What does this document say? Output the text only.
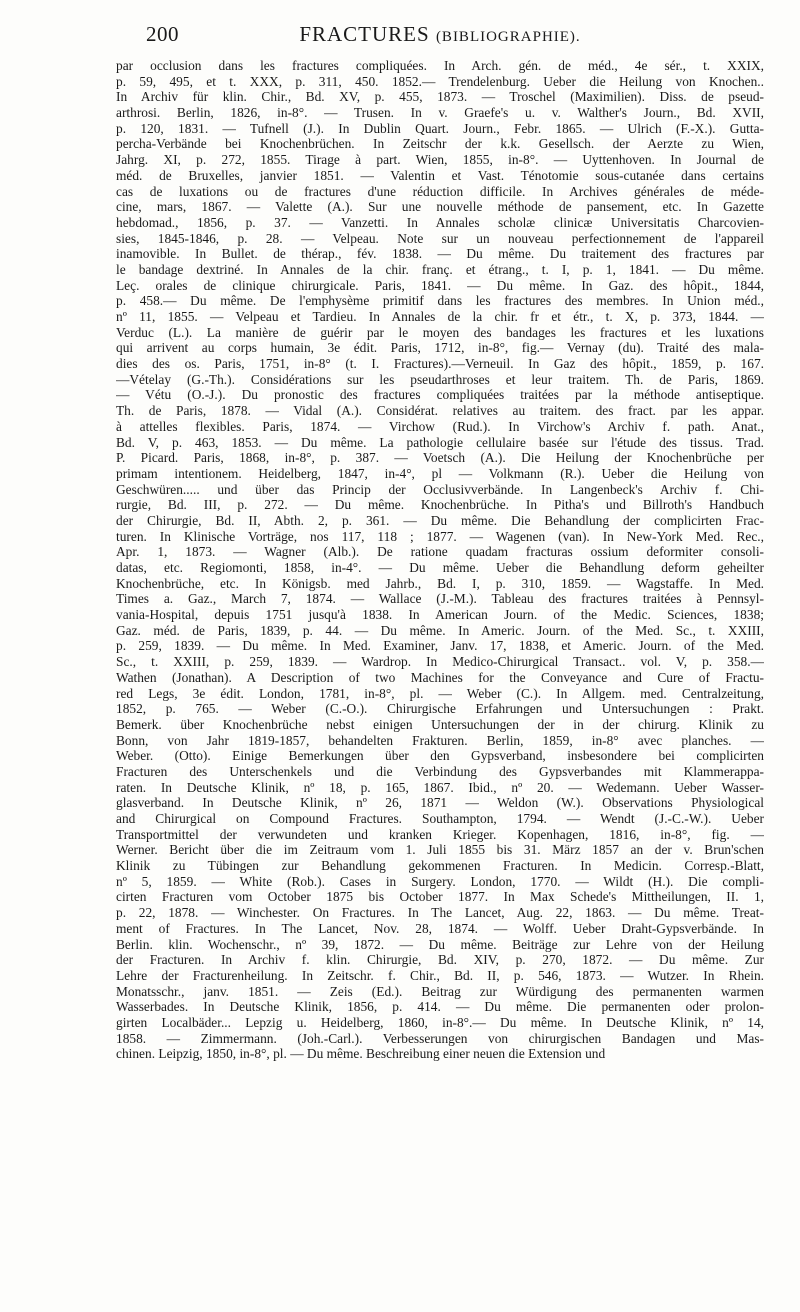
200	FRACTURES (BIBLIOGRAPHIE).
par occlusion dans les fractures compliquées. In Arch. gén. de méd., 4e sér., t. XXIX,
p. 59, 495, et t. XXX, p. 311, 450. 1852.— Trendelenburg. Ueber die Heilung von Knochen..
In Archiv für klin. Chir., Bd. XV, p. 455, 1873. — Troschel (Maximilien). Diss. de pseud-
arthrosi. Berlin, 1826, in-8°. — Trusen. In v. Graefe's u. v. Walther's Journ., Bd. XVII,
p. 120, 1831. — Tufnell (J.). In Dublin Quart. Journ., Febr. 1865. — Ulrich (F.-X.). Gutta-
percha-Verbände bei Knochenbrüchen. In Zeitschr der k.k. Gesellsch. der Aerzte zu Wien,
Jahrg. XI, p. 272, 1855. Tirage à part. Wien, 1855, in-8°. — Uyttenhoven. In Journal de
méd. de Bruxelles, janvier 1851. — Valentin et Vast. Ténotomie sous-cutanée dans certains
cas de luxations ou de fractures d'une réduction difficile. In Archives générales de méde-
cine, mars, 1867. — Valette (A.). Sur une nouvelle méthode de pansement, etc. In Gazette
hebdomad., 1856, p. 37. — Vanzetti. In Annales scholæ clinicæ Universitatis Charcovien-
sies, 1845-1846, p. 28. — Velpeau. Note sur un nouveau perfectionnement de l'appareil
inamovible. In Bullet. de thérap., fév. 1838. — Du même. Du traitement des fractures par
le bandage dextriné. In Annales de la chir. franç. et étrang., t. I, p. 1, 1841. — Du même.
Leç. orales de clinique chirurgicale. Paris, 1841. — Du même. In Gaz. des hôpit., 1844,
p. 458.— Du même. De l'emphysème primitif dans les fractures des membres. In Union méd.,
nº 11, 1855. — Velpeau et Tardieu. In Annales de la chir. fr et étr., t. X, p. 373, 1844. —
Verduc (L.). La manière de guérir par le moyen des bandages les fractures et les luxations
qui arrivent au corps humain, 3e édit. Paris, 1712, in-8°, fig.— Vernay (du). Traité des mala-
dies des os. Paris, 1751, in-8° (t. I. Fractures).—Verneuil. In Gaz des hôpit., 1859, p. 167.
—Vételay (G.-Th.). Considérations sur les pseudarthroses et leur traitem. Th. de Paris, 1869.
— Vétu (O.-J.). Du pronostic des fractures compliquées traitées par la méthode antiseptique.
Th. de Paris, 1878. — Vidal (A.). Considérat. relatives au traitem. des fract. par les appar.
à attelles flexibles. Paris, 1874. — Virchow (Rud.). In Virchow's Archiv f. path. Anat.,
Bd. V, p. 463, 1853. — Du même. La pathologie cellulaire basée sur l'étude des tissus. Trad.
P. Picard. Paris, 1868, in-8°, p. 387. — Voetsch (A.). Die Heilung der Knochenbrüche per
primam intentionem. Heidelberg, 1847, in-4°, pl — Volkmann (R.). Ueber die Heilung von
Geschwüren..... und über das Princip der Occlusivverbände. In Langenbeck's Archiv f. Chi-
rurgie, Bd. III, p. 272. — Du même. Knochenbrüche. In Pitha's und Billroth's Handbuch
der Chirurgie, Bd. II, Abth. 2, p. 361. — Du même. Die Behandlung der complicirten Frac-
turen. In Klinische Vorträge, nos 117, 118 ; 1877. — Wagenen (van). In New-York Med. Rec.,
Apr. 1, 1873. — Wagner (Alb.). De ratione quadam fracturas ossium deformiter consoli-
datas, etc. Regiomonti, 1858, in-4°. — Du même. Ueber die Behandlung deform geheilter
Knochenbrüche, etc. In Königsb. med Jahrb., Bd. I, p. 310, 1859. — Wagstaffe. In Med.
Times a. Gaz., March 7, 1874. — Wallace (J.-M.). Tableau des fractures traitées à Pennsyl-
vania-Hospital, depuis 1751 jusqu'à 1838. In American Journ. of the Medic. Sciences, 1838;
Gaz. méd. de Paris, 1839, p. 44. — Du même. In Americ. Journ. of the Med. Sc., t. XXIII,
p. 259, 1839. — Du même. In Med. Examiner, Janv. 17, 1838, et Americ. Journ. of the Med.
Sc., t. XXIII, p. 259, 1839. — Wardrop. In Medico-Chirurgical Transact.. vol. V, p. 358.—
Wathen (Jonathan). A Description of two Machines for the Conveyance and Cure of Fractu-
red Legs, 3e édit. London, 1781, in-8°, pl. — Weber (C.). In Allgem. med. Centralzeitung,
1852, p. 765. — Weber (C.-O.). Chirurgische Erfahrungen und Untersuchungen : Prakt.
Bemerk. über Knochenbrüche nebst einigen Untersuchungen der in der chirurg. Klinik zu
Bonn, von Jahr 1819-1857, behandelten Frakturen. Berlin, 1859, in-8° avec planches. —
Weber. (Otto). Einige Bemerkungen über den Gypsverband, insbesondere bei complicirten
Fracturen des Unterschenkels und die Verbindung des Gypsverbandes mit Klammerappa-
raten. In Deutsche Klinik, nº 18, p. 165, 1867. Ibid., nº 20. — Wedemann. Ueber Wasser-
glasverband. In Deutsche Klinik, nº 26, 1871 — Weldon (W.). Observations Physiological
and Chirurgical on Compound Fractures. Southampton, 1794. — Wendt (J.-C.-W.). Ueber
Transportmittel der verwundeten und kranken Krieger. Kopenhagen, 1816, in-8°, fig. —
Werner. Bericht über die im Zeitraum vom 1. Juli 1855 bis 31. März 1857 an der v. Brun'schen
Klinik zu Tübingen zur Behandlung gekommenen Fracturen. In Medicin. Corresp.-Blatt,
nº 5, 1859. — White (Rob.). Cases in Surgery. London, 1770. — Wildt (H.). Die compli-
cirten Fracturen vom October 1875 bis October 1877. In Max Schede's Mittheilungen, II. 1,
p. 22, 1878. — Winchester. On Fractures. In The Lancet, Aug. 22, 1863. — Du même. Treat-
ment of Fractures. In The Lancet, Nov. 28, 1874. — Wolff. Ueber Draht-Gypsverbände. In
Berlin. klin. Wochenschr., nº 39, 1872. — Du même. Beiträge zur Lehre von der Heilung
der Fracturen. In Archiv f. klin. Chirurgie, Bd. XIV, p. 270, 1872. — Du même. Zur
Lehre der Fracturenheilung. In Zeitschr. f. Chir., Bd. II, p. 546, 1873. — Wutzer. In Rhein.
Monatsschr., janv. 1851. — Zeis (Ed.). Beitrag zur Würdigung des permanenten warmen
Wasserbades. In Deutsche Klinik, 1856, p. 414. — Du même. Die permanenten oder prolon-
girten Localbäder... Lepzig u. Heidelberg, 1860, in-8°.— Du même. In Deutsche Klinik, nº 14,
1858. — Zimmermann. (Joh.-Carl.). Verbesserungen von chirurgischen Bandagen und Mas-
chinen. Leipzig, 1850, in-8°, pl. — Du même. Beschreibung einer neuen die Extension und
